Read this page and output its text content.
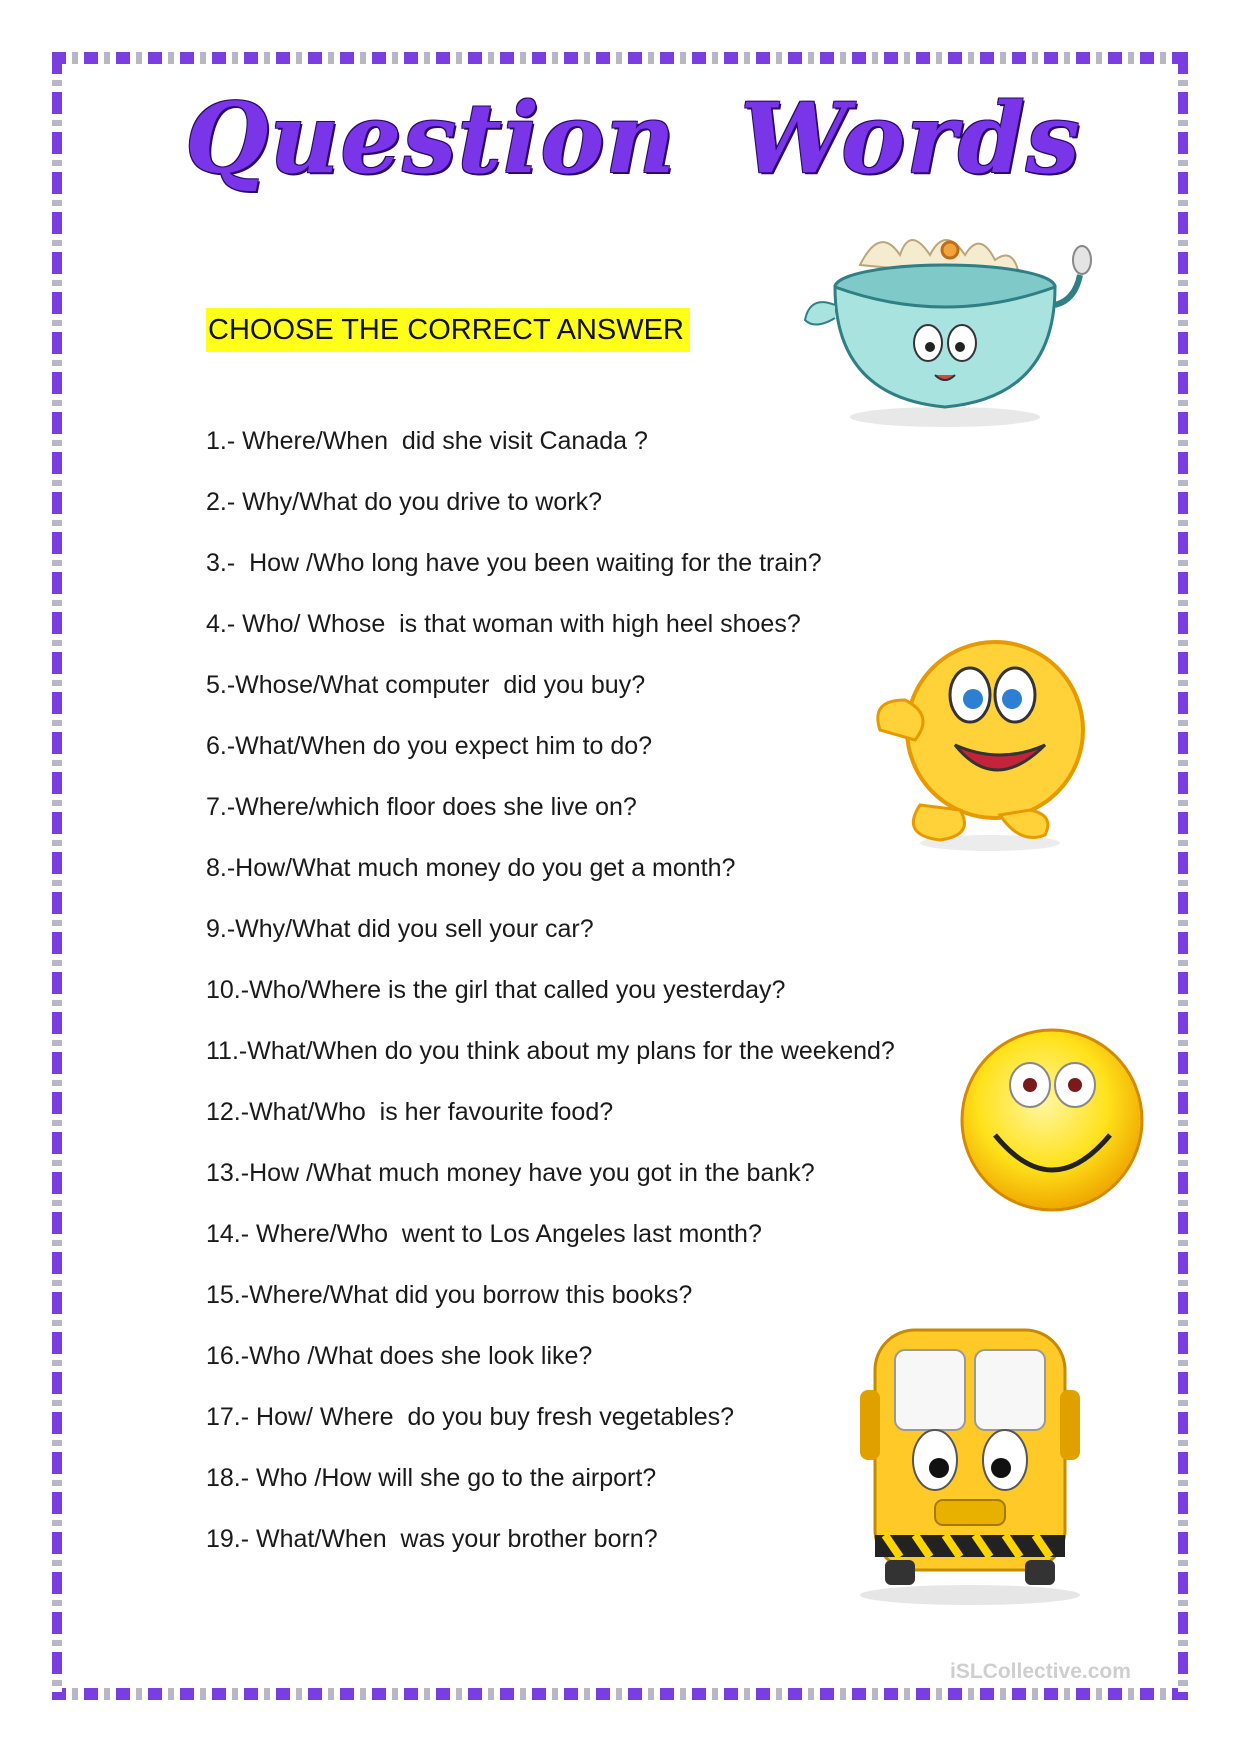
Question Words
CHOOSE THE CORRECT ANSWER
1.- Where/When  did she visit Canada ?
2.- Why/What do you drive to work?
3.-  How /Who long have you been waiting for the train?
4.- Who/ Whose  is that woman with high heel shoes?
5.-Whose/What computer  did you buy?
6.-What/When do you expect him to do?
7.-Where/which floor does she live on?
8.-How/What much money do you get a month?
9.-Why/What did you sell your car?
10.-Who/Where is the girl that called you yesterday?
11.-What/When do you think about my plans for the weekend?
12.-What/Who  is her favourite food?
13.-How /What much money have you got in the bank?
14.- Where/Who  went to Los Angeles last month?
15.-Where/What did you borrow this books?
16.-Who /What does she look like?
17.- How/ Where  do you buy fresh vegetables?
18.- Who /How will she go to the airport?
19.- What/When  was your brother born?
iSLCollective.com
